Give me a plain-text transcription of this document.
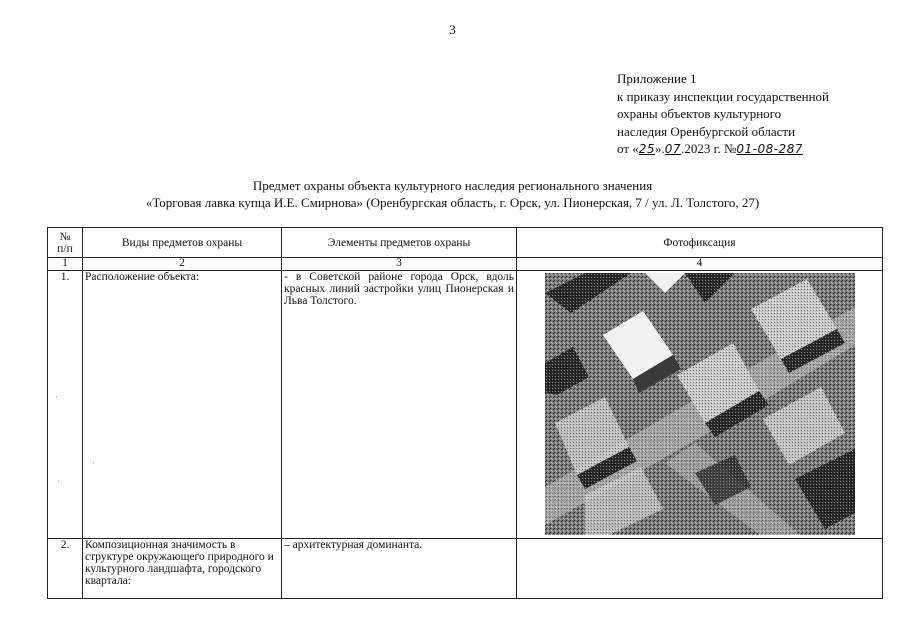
3
Приложение 1
к приказу инспекции государственной
охраны объектов культурного
наследия Оренбургской области
от «25».07.2023 г. №01-08-287
Предмет охраны объекта культурного наследия регионального значения
«Торговая лавка купца И.Е. Смирнова» (Оренбургская область, г. Орск, ул. Пионерская, 7 / ул. Л. Толстого, 27)
№
п/п	Виды предметов охраны	Элементы предметов охраны	Фотофиксация
1	2	3	4
1.	Расположение объекта:	- в Советской районе города Орск, вдоль красных линий застройки улиц Пионерская и Льва Толстого.	

2.	Композиционная значимость в структуре окружающего природного и культурного ландшафта, городского квартала:	– архитектурная доминанта.	
